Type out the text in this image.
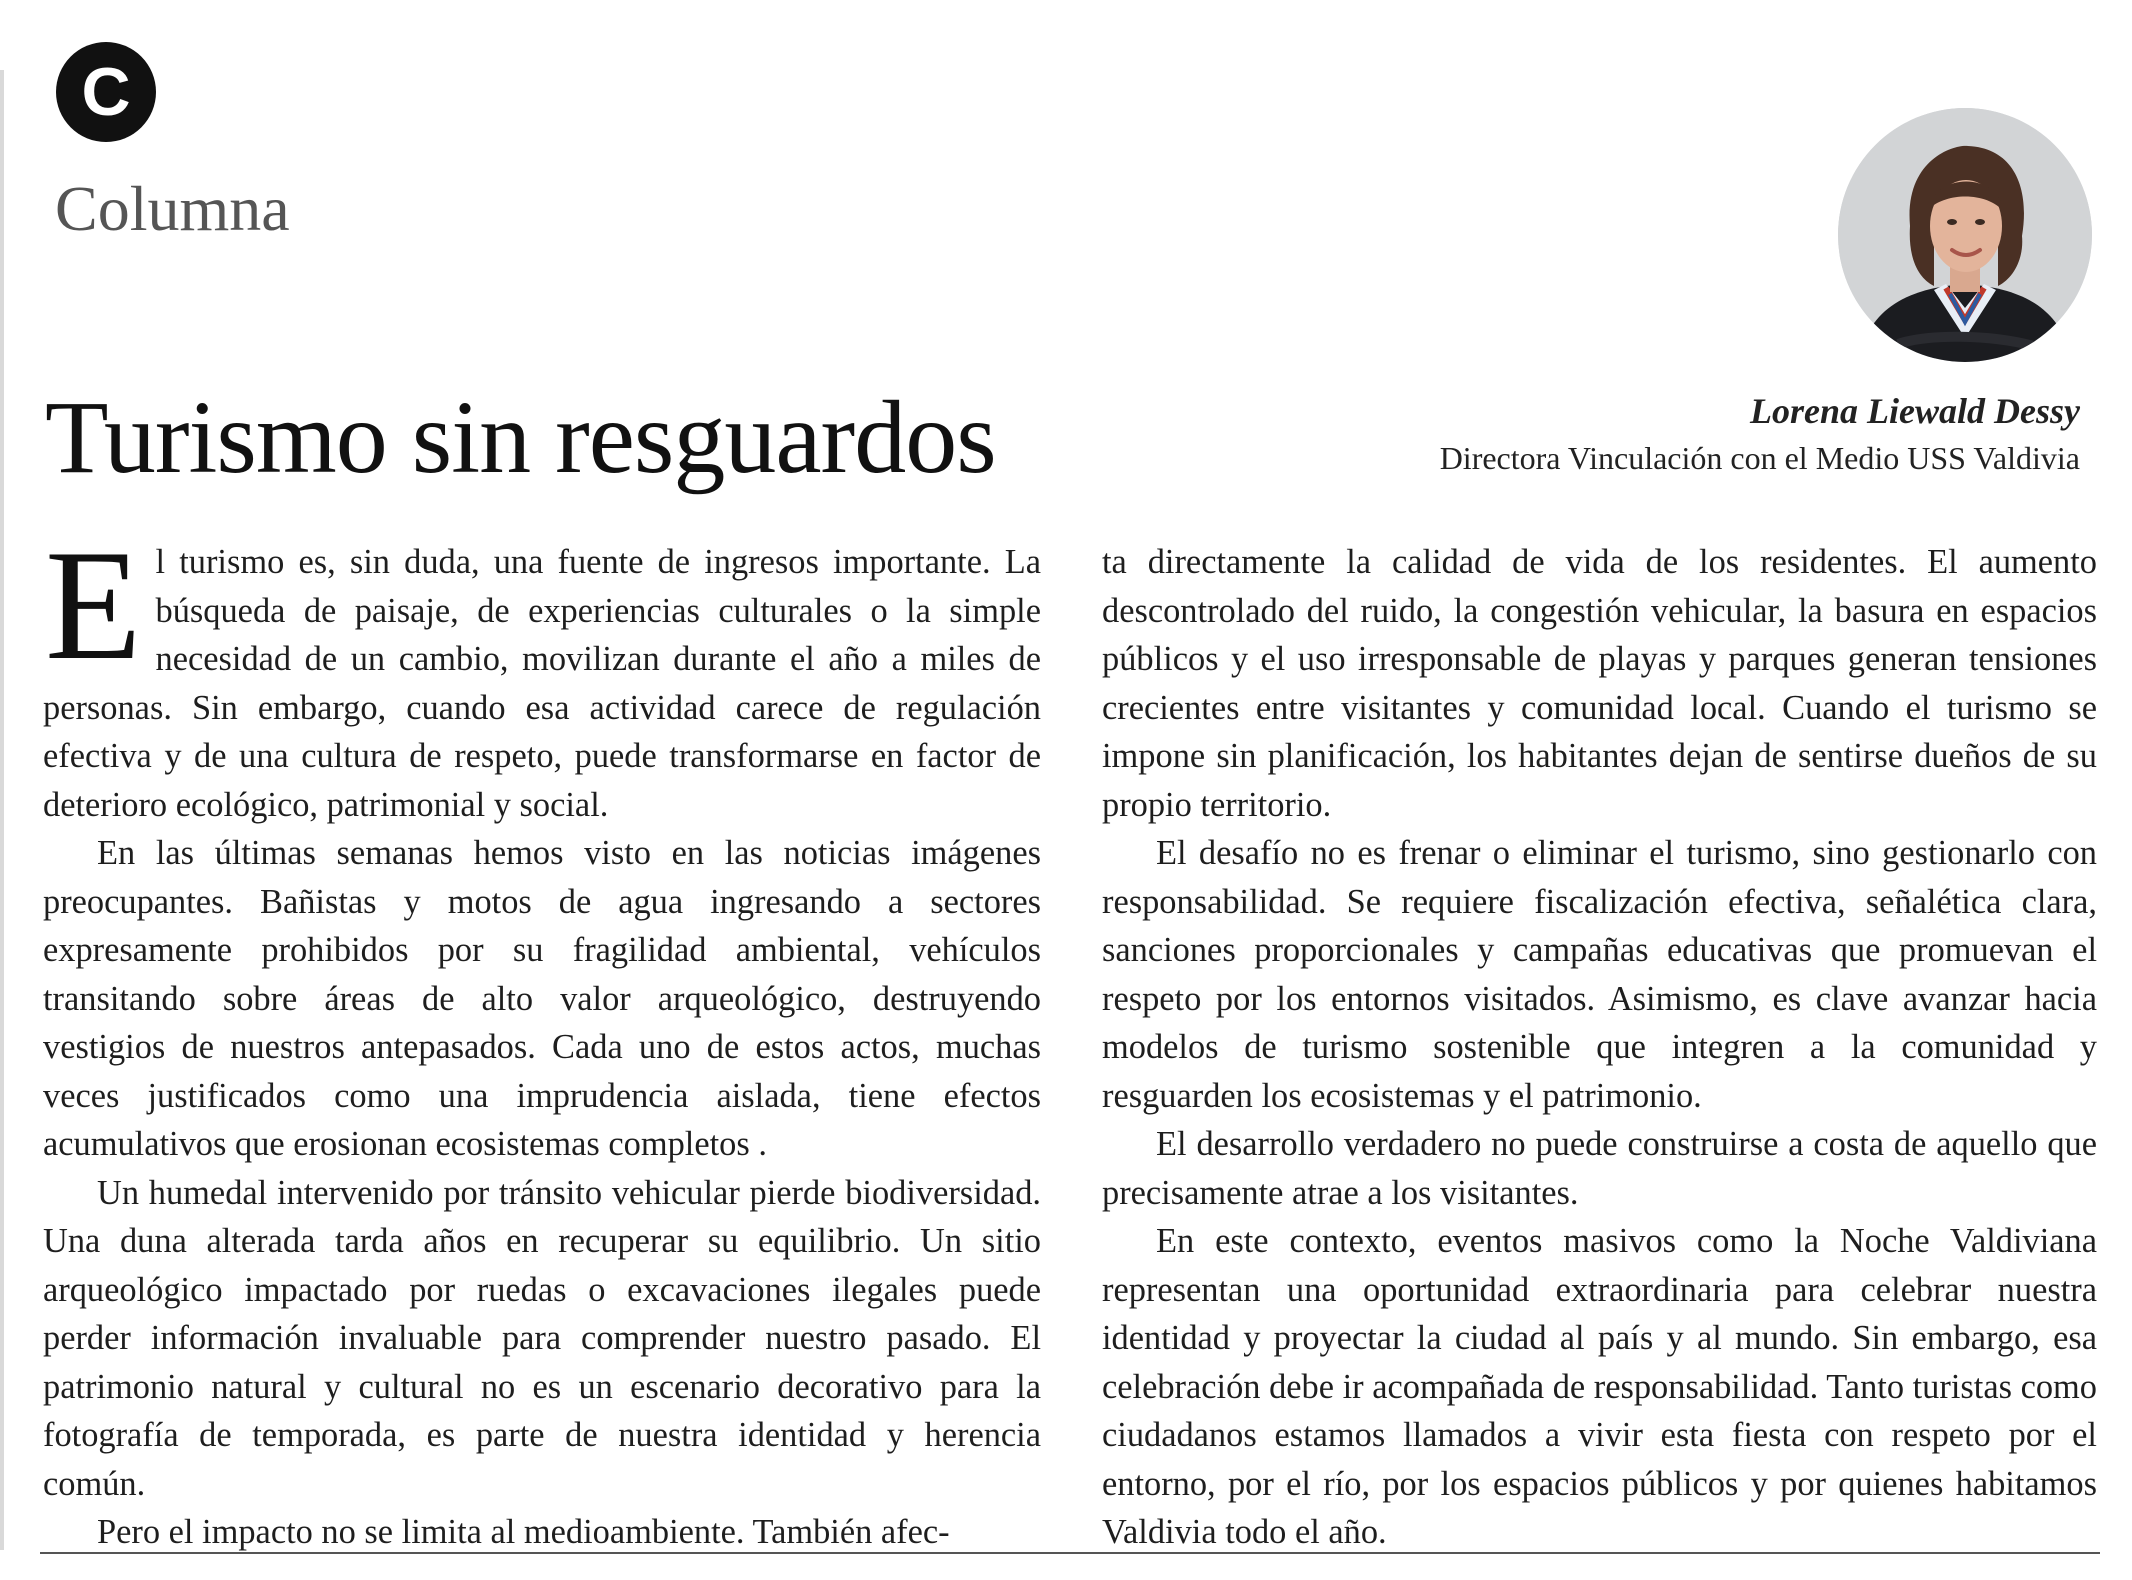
C
Columna
Lorena Liewald Dessy
Directora Vinculación con el Medio USS Valdivia
Turismo sin resguardos

El turismo es, sin duda, una fuente de ingresos importante. La búsqueda de paisaje, de experiencias culturales o la simple necesidad de un cambio, movilizan durante el año a miles de personas. Sin embargo, cuando esa actividad carece de regulación efectiva y de una cultura de respeto, puede transformarse en factor de deterioro ecológico, patrimonial y social.

En las últimas semanas hemos visto en las noticias imágenes preocupantes. Bañistas y motos de agua ingresando a sectores expresamente prohibidos por su fragilidad ambiental, vehículos transitando sobre áreas de alto valor arqueológico, destruyendo vestigios de nuestros antepasados. Cada uno de estos actos, muchas veces justificados como una imprudencia aislada, tiene efectos acumulativos que erosionan ecosistemas completos .

Un humedal intervenido por tránsito vehicular pierde biodiversidad. Una duna alterada tarda años en recuperar su equilibrio. Un sitio arqueológico impactado por ruedas o excavaciones ilegales puede perder información invaluable para comprender nuestro pasado. El patrimonio natural y cultural no es un escenario decorativo para la fotografía de temporada, es parte de nuestra identidad y herencia común.

Pero el impacto no se limita al medioambiente. También afec-

ta directamente la calidad de vida de los residentes. El aumento descontrolado del ruido, la congestión vehicular, la basura en espacios públicos y el uso irresponsable de playas y parques generan tensiones crecientes entre visitantes y comunidad local. Cuando el turismo se impone sin planificación, los habitantes dejan de sentirse dueños de su propio territorio.

El desafío no es frenar o eliminar el turismo, sino gestionarlo con responsabilidad. Se requiere fiscalización efectiva, señalética clara, sanciones proporcionales y campañas educativas que promuevan el respeto por los entornos visitados. Asimismo, es clave avanzar hacia modelos de turismo sostenible que integren a la comunidad y resguarden los ecosistemas y el patrimonio.

El desarrollo verdadero no puede construirse a costa de aquello que precisamente atrae a los visitantes.

En este contexto, eventos masivos como la Noche Valdiviana representan una oportunidad extraordinaria para celebrar nuestra identidad y proyectar la ciudad al país y al mundo. Sin embargo, esa celebración debe ir acompañada de responsabilidad. Tanto turistas como ciudadanos estamos llamados a vivir esta fiesta con respeto por el entorno, por el río, por los espacios públicos y por quienes habitamos Valdivia todo el año.
